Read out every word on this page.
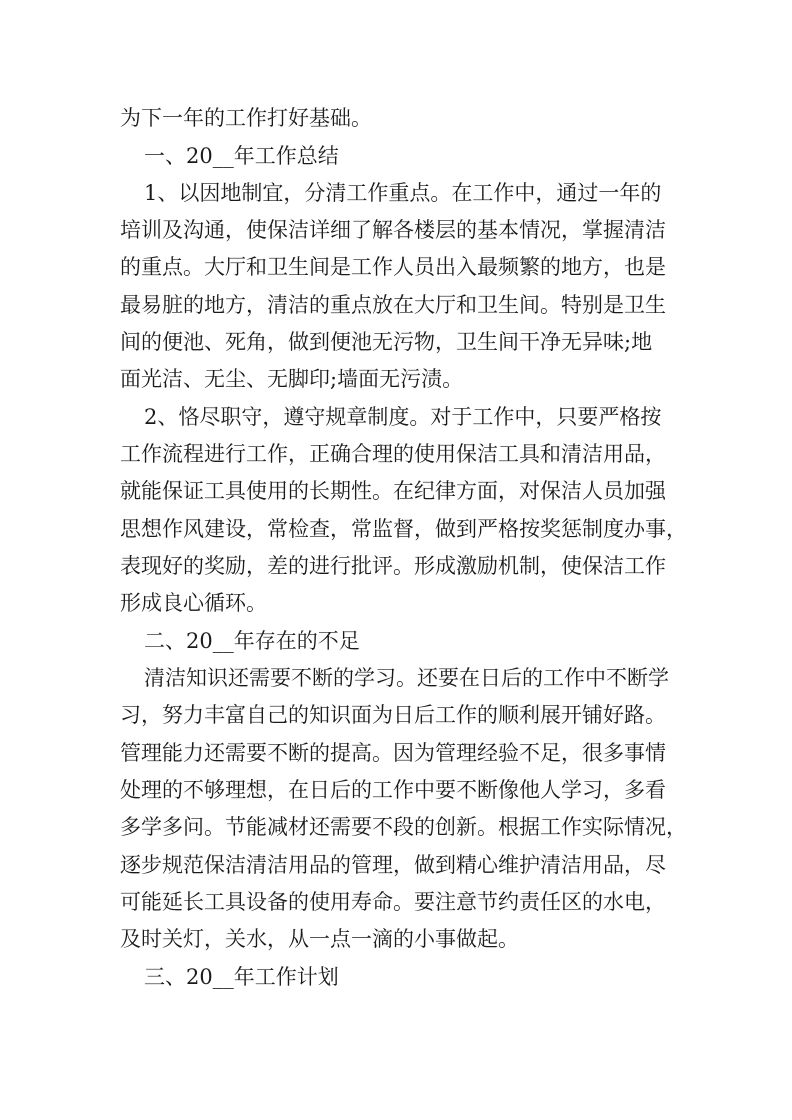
为下一年的工作打好基础。
一、20__年工作总结
1、以因地制宜，分清工作重点。在工作中，通过一年的
培训及沟通，使保洁详细了解各楼层的基本情况，掌握清洁
的重点。大厅和卫生间是工作人员出入最频繁的地方，也是
最易脏的地方，清洁的重点放在大厅和卫生间。特别是卫生
间的便池、死角，做到便池无污物，卫生间干净无异味;地
面光洁、无尘、无脚印;墙面无污渍。
2、恪尽职守，遵守规章制度。对于工作中，只要严格按
工作流程进行工作，正确合理的使用保洁工具和清洁用品，
就能保证工具使用的长期性。在纪律方面，对保洁人员加强
思想作风建设，常检查，常监督，做到严格按奖惩制度办事，
表现好的奖励，差的进行批评。形成激励机制，使保洁工作
形成良心循环。
二、20__年存在的不足
清洁知识还需要不断的学习。还要在日后的工作中不断学
习，努力丰富自己的知识面为日后工作的顺利展开铺好路。
管理能力还需要不断的提高。因为管理经验不足，很多事情
处理的不够理想，在日后的工作中要不断像他人学习，多看
多学多问。节能减材还需要不段的创新。根据工作实际情况，
逐步规范保洁清洁用品的管理，做到精心维护清洁用品，尽
可能延长工具设备的使用寿命。要注意节约责任区的水电，
及时关灯，关水，从一点一滴的小事做起。
三、20__年工作计划
